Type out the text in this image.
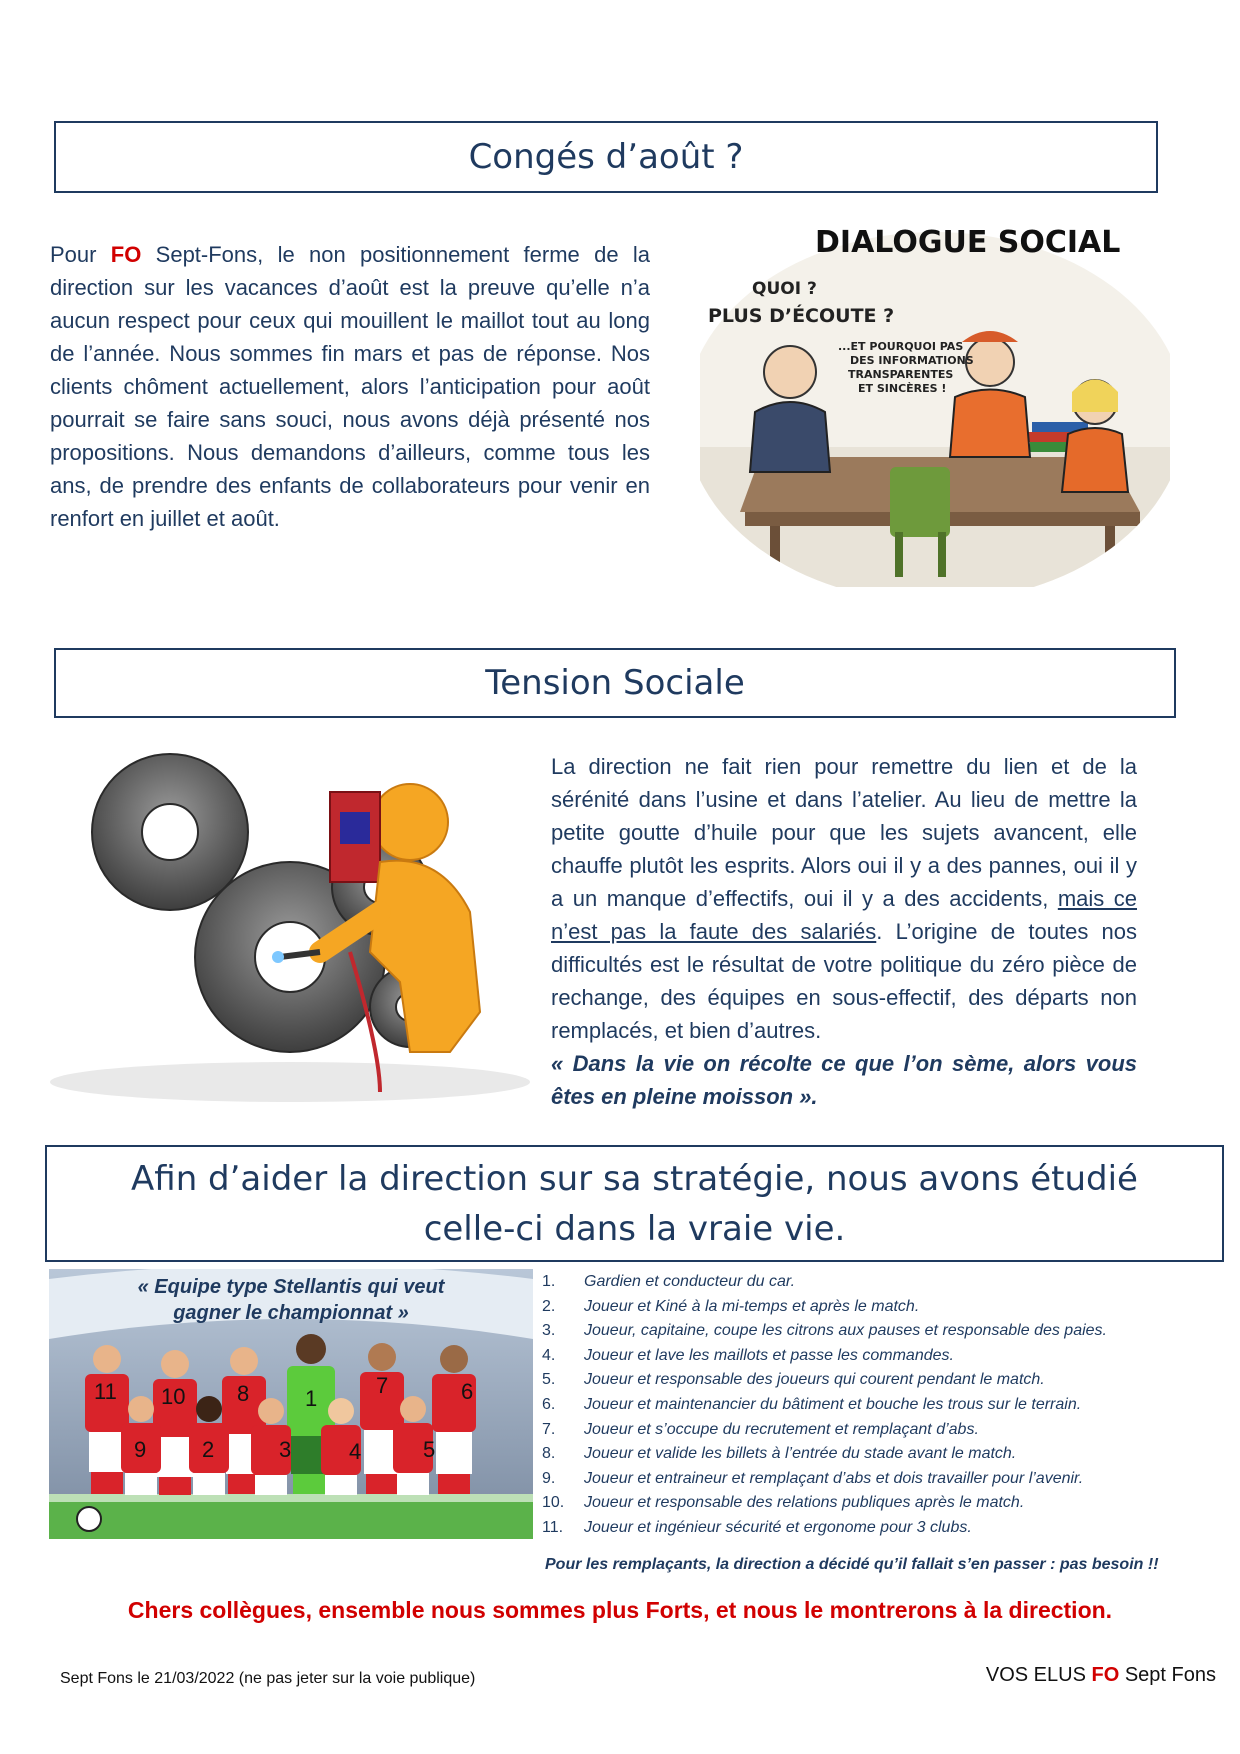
Congés d’août ?

Pour FO Sept-Fons, le non positionnement ferme de la direction sur les vacances d’août est la preuve qu’elle n’a aucun respect pour ceux qui mouillent le maillot tout au long de l’année. Nous sommes fin mars et pas de réponse. Nos clients chôment actuellement, alors l’anticipation pour août pourrait se faire sans souci, nous avons déjà présenté nos propositions. Nous demandons d’ailleurs, comme tous les ans, de prendre des enfants de collaborateurs pour venir en renfort en juillet et août.

DIALOGUE SOCIAL
QUOI ?
PLUS D’ÉCOUTE ?
...ET POURQUOI PAS
DES INFORMATIONS
TRANSPARENTES
ET SINCÈRES !
Tension Sociale

La direction ne fait rien pour remettre du lien et de la sérénité dans l’usine et dans l’atelier. Au lieu de mettre la petite goutte d’huile pour que les sujets avancent, elle chauffe plutôt les esprits. Alors oui il y a des pannes, oui il y a un manque d’effectifs, oui il y a des accidents, mais ce n’est pas la faute des salariés. L’origine de toutes nos difficultés est le résultat de votre politique du zéro pièce de rechange, des équipes en sous-effectif, des départs non remplacés, et bien d’autres.
« Dans la vie on récolte ce que l’on sème, alors vous êtes en pleine moisson ».

Afin d’aider la direction sur sa stratégie, nous avons étudié celle-ci dans la vraie vie.
« Equipe type Stellantis qui veut
gagner le championnat »
11 10 8	1
7	6
9	2	3	4	5
1.	Gardien et conducteur du car.
2.	Joueur et Kiné à la mi-temps et après le match.
3.	Joueur, capitaine, coupe les citrons aux pauses et responsable des paies.
4.	Joueur et lave les maillots et passe les commandes.
5.	Joueur et responsable des joueurs qui courent pendant le match.
6.	Joueur et maintenancier du bâtiment et bouche les trous sur le terrain.
7.	Joueur et s’occupe du recrutement et remplaçant d’abs.
8.	Joueur et valide les billets à l’entrée du stade avant le match.
9.	Joueur et entraineur et remplaçant d’abs et dois travailler pour l’avenir.
10.	Joueur et responsable des relations publiques après le match.
11.	Joueur et ingénieur sécurité et ergonome pour 3 clubs.

Pour les remplaçants, la direction a décidé qu’il fallait s’en passer : pas besoin !!

Chers collègues, ensemble nous sommes plus Forts, et nous le montrerons à la direction.

Sept Fons le 21/03/2022 (ne pas jeter sur la voie publique)	VOS ELUS FO Sept Fons
